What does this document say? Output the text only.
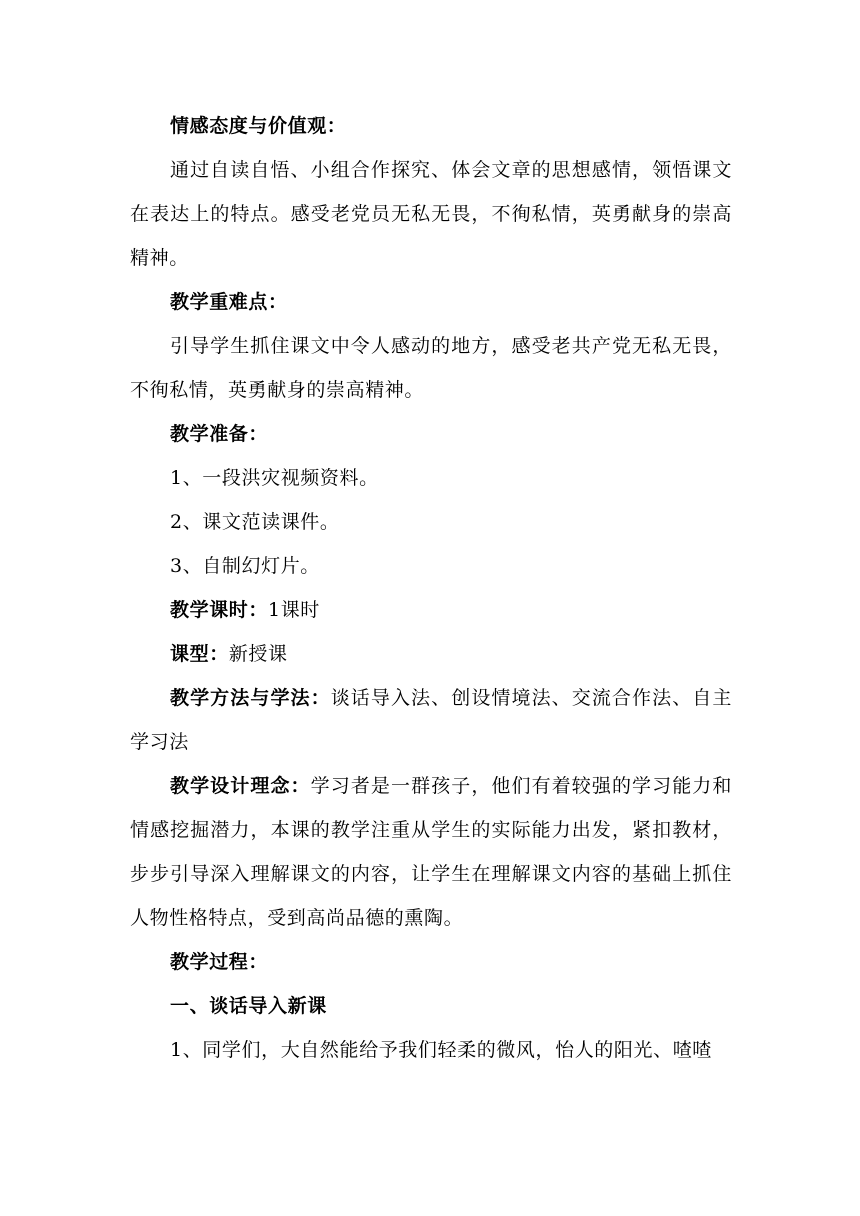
情感态度与价值观：

通过自读自悟、小组合作探究、体会文章的思想感情，领悟课文在表达上的特点。感受老党员无私无畏，不徇私情，英勇献身的崇高精神。

教学重难点：

引导学生抓住课文中令人感动的地方，感受老共产党无私无畏，不徇私情，英勇献身的崇高精神。

教学准备：

1、一段洪灾视频资料。

2、课文范读课件。

3、自制幻灯片。

教学课时：1课时

课型：新授课

教学方法与学法：谈话导入法、创设情境法、交流合作法、自主学习法

教学设计理念：学习者是一群孩子，他们有着较强的学习能力和情感挖掘潜力，本课的教学注重从学生的实际能力出发，紧扣教材，步步引导深入理解课文的内容，让学生在理解课文内容的基础上抓住人物性格特点，受到高尚品德的熏陶。

教学过程：

一、谈话导入新课

1、同学们，大自然能给予我们轻柔的微风，怡人的阳光、喳喳
